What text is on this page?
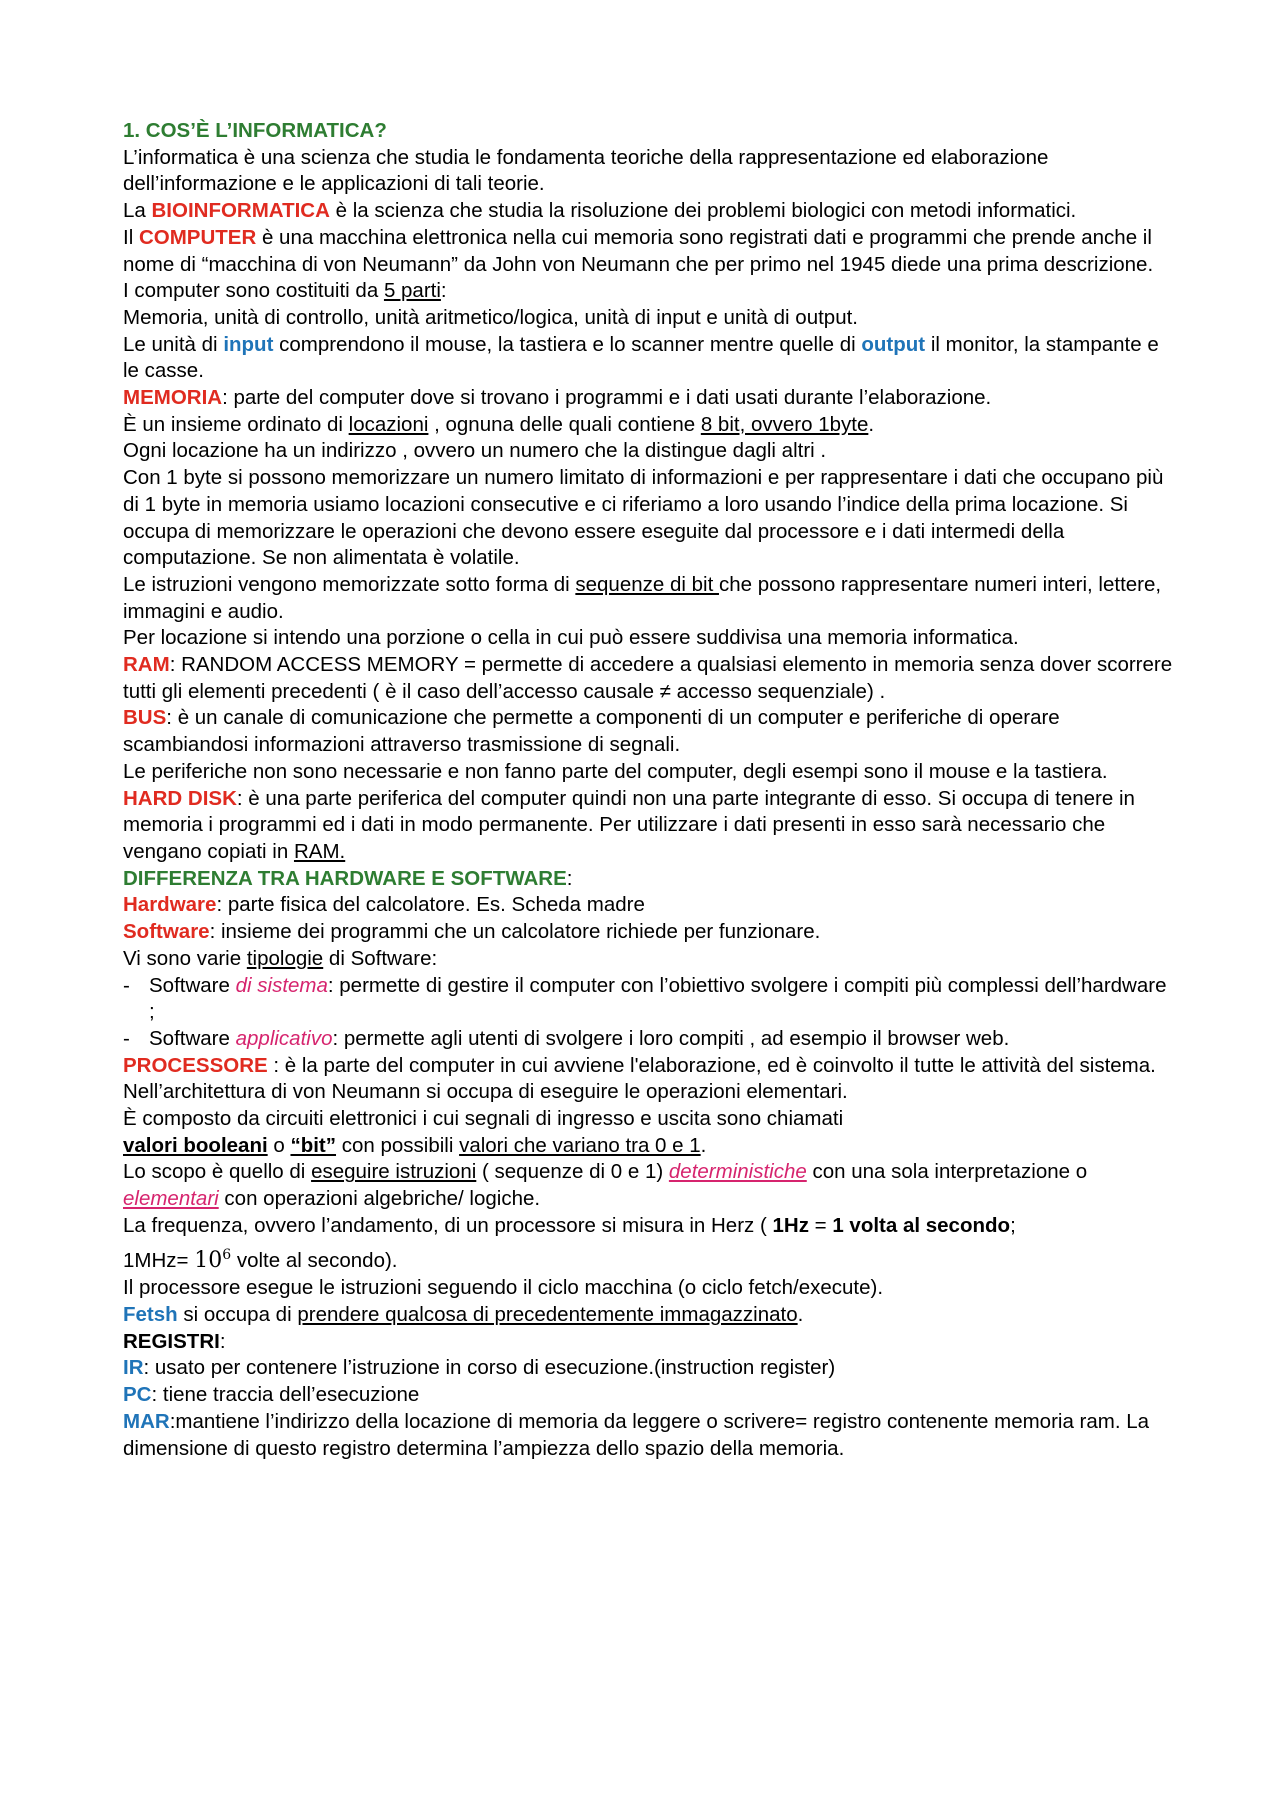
1. COS’È L’INFORMATICA?

L’informatica è una scienza che studia le fondamenta teoriche della rappresentazione ed elaborazione dell’informazione e le applicazioni di tali teorie.

La BIOINFORMATICA è la scienza che studia la risoluzione dei problemi biologici con metodi informatici.

Il COMPUTER è una macchina elettronica nella cui memoria sono registrati dati e programmi che prende anche il nome di “macchina di von Neumann” da John von Neumann che per primo nel 1945 diede una prima descrizione.

I computer sono costituiti da 5 parti:

Memoria, unità di controllo, unità aritmetico/logica, unità di input e unità di output.

Le unità di input comprendono il mouse, la tastiera e lo scanner mentre quelle di output il monitor, la stampante e le casse.

MEMORIA: parte del computer dove si trovano i programmi e i dati usati durante l’elaborazione.

È un insieme ordinato di locazioni , ognuna delle quali contiene 8 bit, ovvero 1byte.

Ogni locazione ha un indirizzo , ovvero un numero che la distingue dagli altri .

Con 1 byte si possono memorizzare un numero limitato di informazioni e per rappresentare i dati che occupano più di 1 byte in memoria usiamo locazioni consecutive e ci riferiamo a loro usando l’indice della prima locazione. Si occupa di memorizzare le operazioni che devono essere eseguite dal processore e i dati intermedi della computazione. Se non alimentata è volatile.

Le istruzioni vengono memorizzate sotto forma di sequenze di bit che possono rappresentare numeri interi, lettere, immagini e audio.

Per locazione si intendo una porzione o cella in cui può essere suddivisa una memoria informatica.

RAM: RANDOM ACCESS MEMORY = permette di accedere a qualsiasi elemento in memoria senza dover scorrere tutti gli elementi precedenti ( è il caso dell’accesso causale ≠ accesso sequenziale) .

BUS: è un canale di comunicazione che permette a componenti di un computer e periferiche di operare scambiandosi informazioni attraverso trasmissione di segnali.

Le periferiche non sono necessarie e non fanno parte del computer, degli esempi sono il mouse e la tastiera.

HARD DISK: è una parte periferica del computer quindi non una parte integrante di esso. Si occupa di tenere in memoria i programmi ed i dati in modo permanente. Per utilizzare i dati presenti in esso sarà necessario che vengano copiati in RAM.

DIFFERENZA TRA HARDWARE E SOFTWARE:

Hardware: parte fisica del calcolatore. Es. Scheda madre

Software: insieme dei programmi che un calcolatore richiede per funzionare.

Vi sono varie tipologie di Software:

- Software di sistema: permette di gestire il computer con l’obiettivo svolgere i compiti più complessi dell’hardware ;

- Software applicativo: permette agli utenti di svolgere i loro compiti , ad esempio il browser web.

PROCESSORE : è la parte del computer in cui avviene l'elaborazione, ed è coinvolto il tutte le attività del sistema. Nell’architettura di von Neumann si occupa di eseguire le operazioni elementari.

È composto da circuiti elettronici i cui segnali di ingresso e uscita sono chiamati

valori booleani o “bit” con possibili valori che variano tra 0 e 1.

Lo scopo è quello di eseguire istruzioni ( sequenze di 0 e 1) deterministiche con una sola interpretazione o elementari con operazioni algebriche/ logiche.

La frequenza, ovvero l’andamento, di un processore si misura in Herz ( 1Hz = 1 volta al secondo;

$1MHz= 10^6$ volte al secondo).

Il processore esegue le istruzioni seguendo il ciclo macchina (o ciclo fetch/execute).

Fetsh si occupa di prendere qualcosa di precedentemente immagazzinato.

REGISTRI:

IR: usato per contenere l’istruzione in corso di esecuzione.(instruction register)

PC: tiene traccia dell’esecuzione

MAR:mantiene l’indirizzo della locazione di memoria da leggere o scrivere= registro contenente memoria ram. La dimensione di questo registro determina l’ampiezza dello spazio della memoria.
